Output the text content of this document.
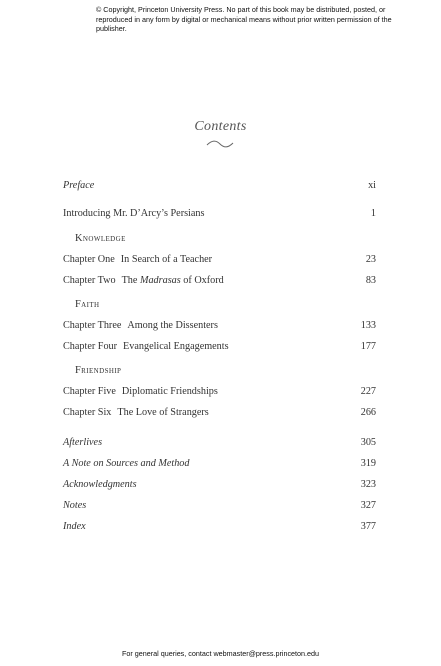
© Copyright, Princeton University Press. No part of this book may be distributed, posted, or reproduced in any form by digital or mechanical means without prior written permission of the publisher.
Contents
Preface	xi
Introducing Mr. D’Arcy’s Persians	1
Knowledge
Chapter One In Search of a Teacher	23
Chapter Two The Madrasas of Oxford	83
Faith
Chapter Three Among the Dissenters	133
Chapter Four Evangelical Engagements	177
Friendship
Chapter Five Diplomatic Friendships	227
Chapter Six The Love of Strangers	266
Afterlives	305
A Note on Sources and Method	319
Acknowledgments	323
Notes	327
Index	377
For general queries, contact webmaster@press.princeton.edu
